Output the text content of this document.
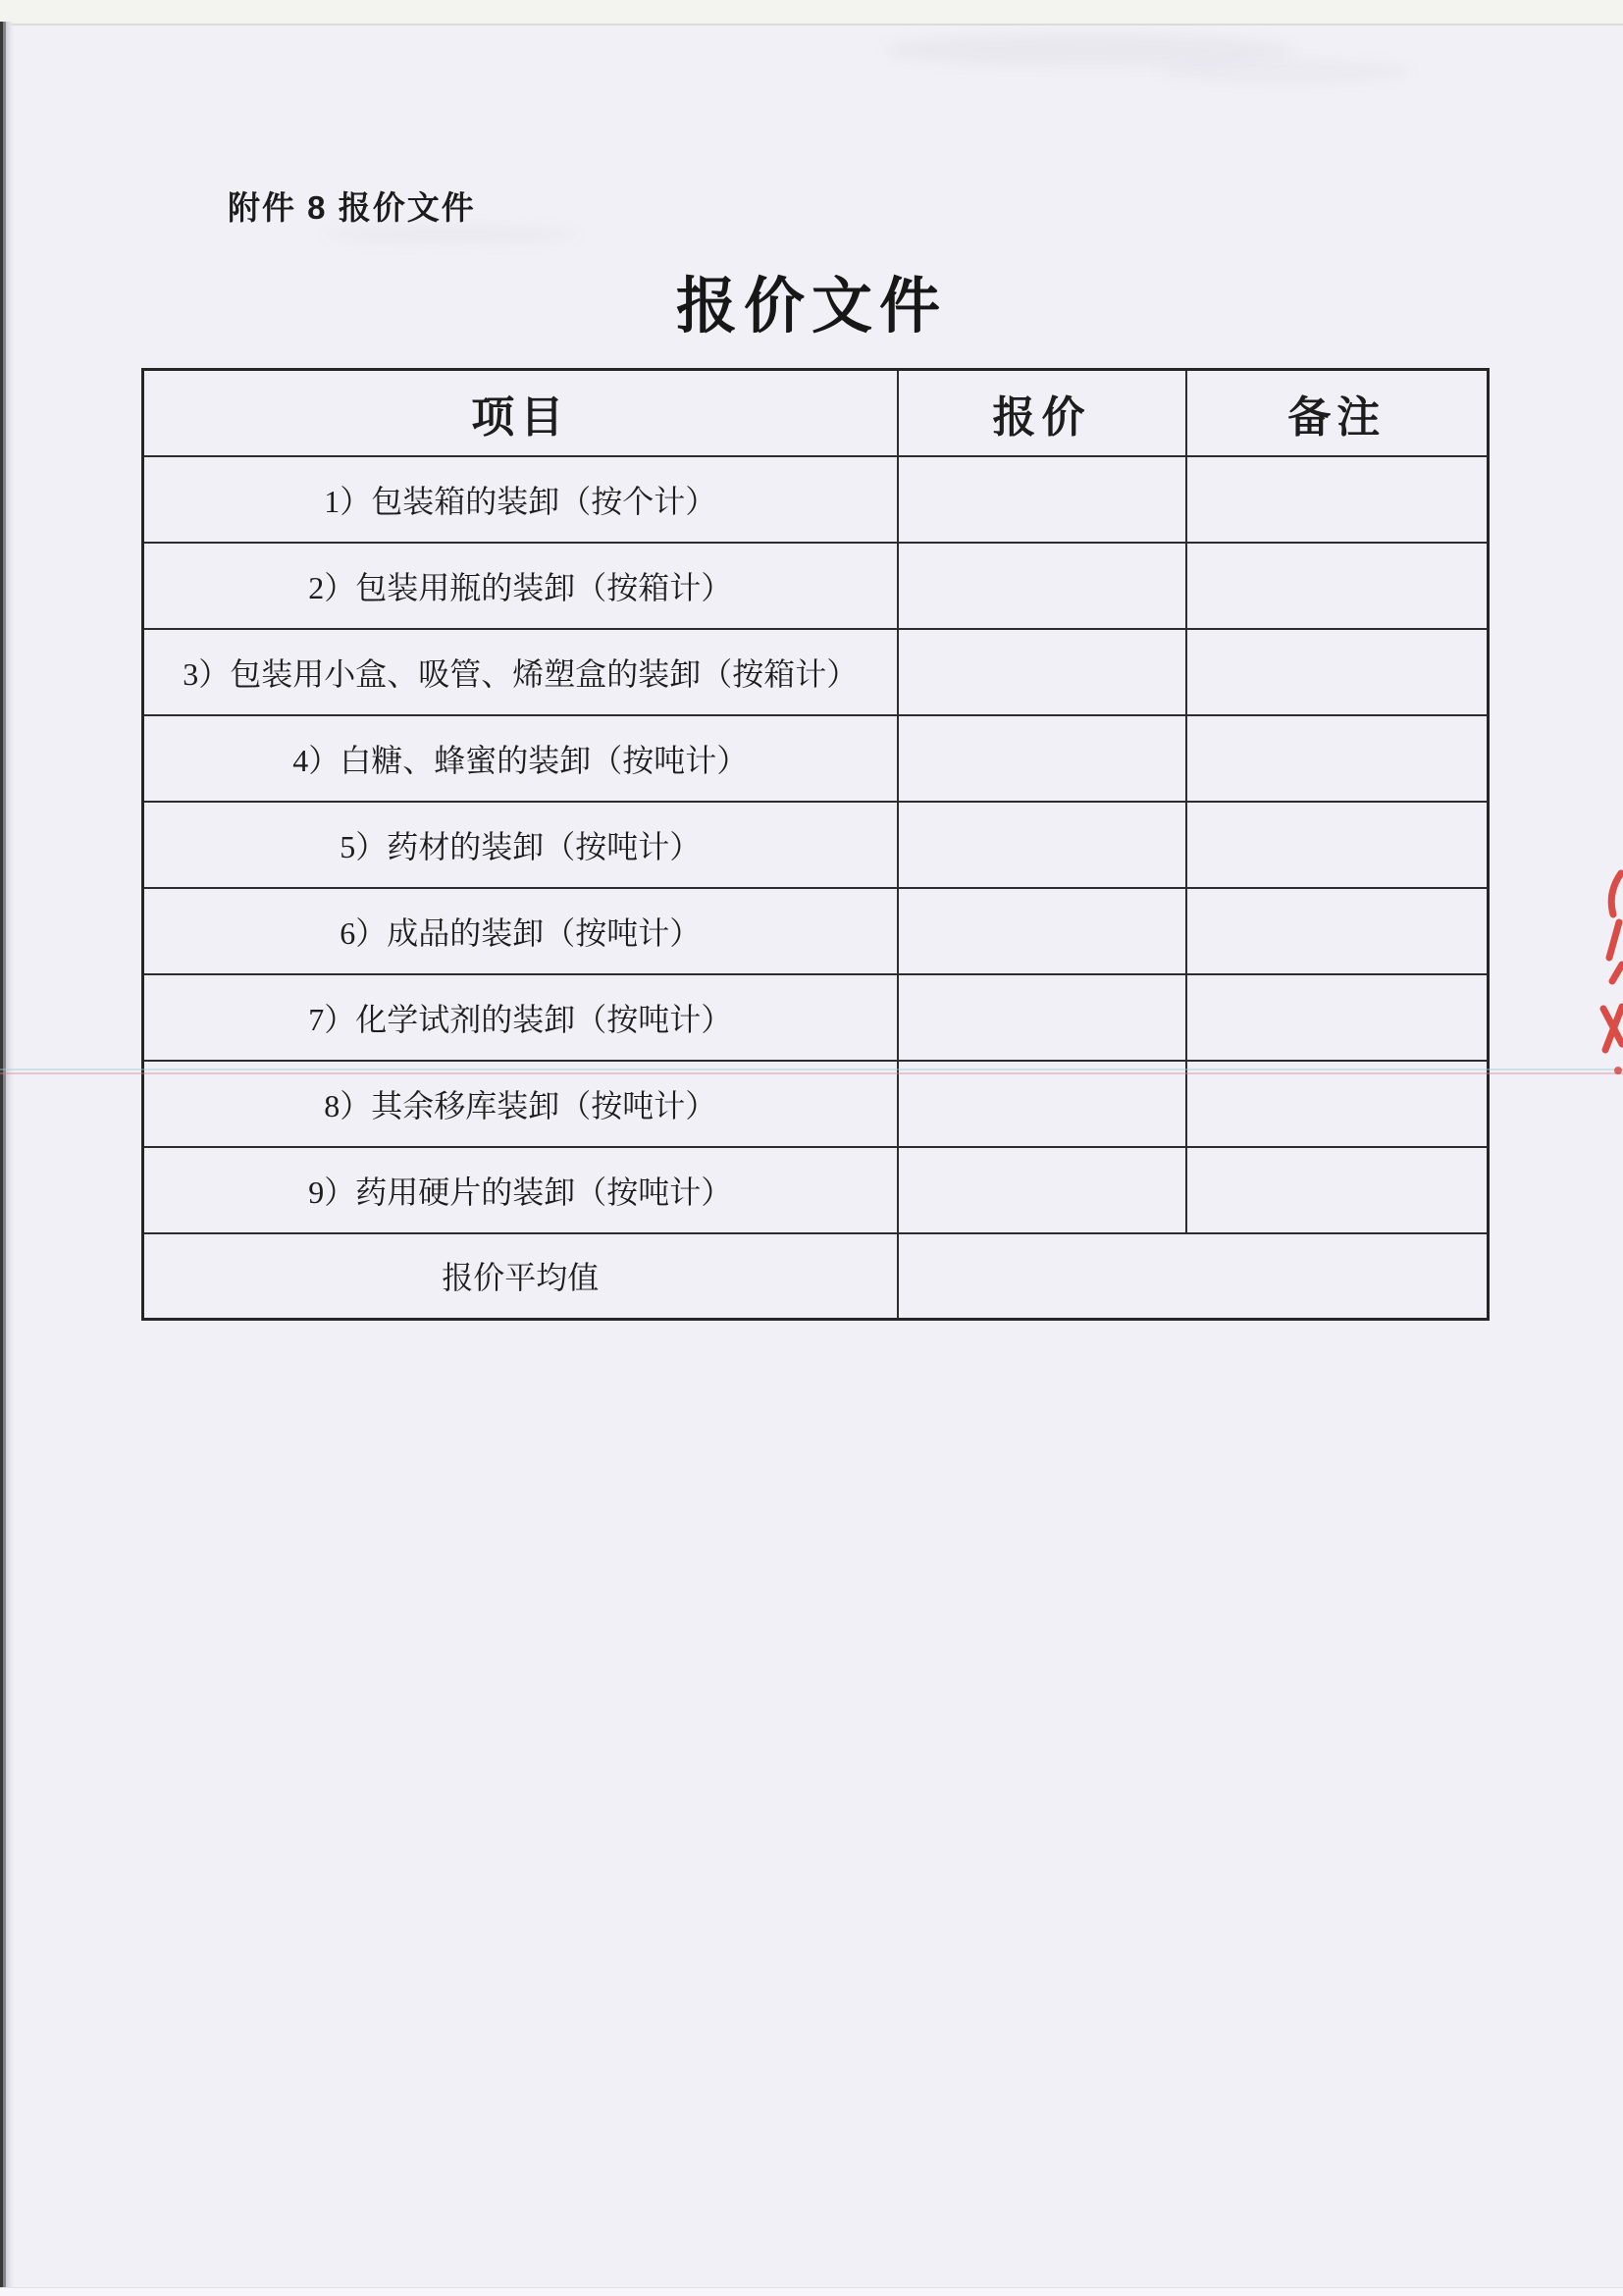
附件 8 报价文件
报价文件
项目	报价	备注
1）包装箱的装卸（按个计）		
2）包装用瓶的装卸（按箱计）		
3）包装用小盒、吸管、烯塑盒的装卸（按箱计）		
4）白糖、蜂蜜的装卸（按吨计）		
5）药材的装卸（按吨计）		
6）成品的装卸（按吨计）		
7）化学试剂的装卸（按吨计）		
8）其余移库装卸（按吨计）		
9）药用硬片的装卸（按吨计）		
报价平均值		
